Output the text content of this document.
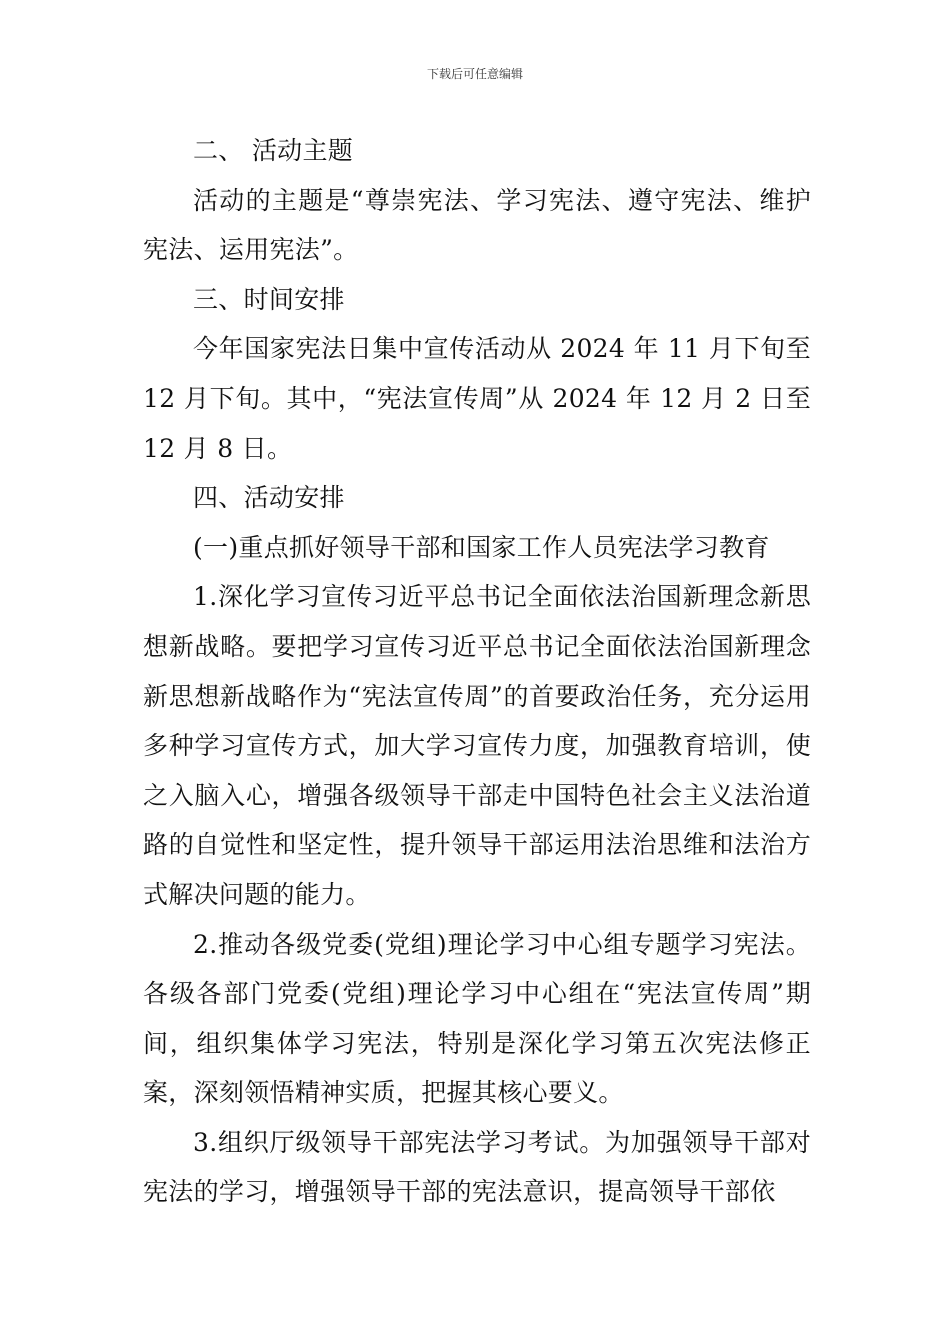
下载后可任意编辑

二、 活动主题

活动的主题是“尊崇宪法、学习宪法、遵守宪法、维护宪法、运用宪法”。

三、时间安排

今年国家宪法日集中宣传活动从 2024 年 11 月下旬至 12 月下旬。其中，“宪法宣传周”从 2024 年 12 月 2 日至 12 月 8 日。

四、活动安排

(一)重点抓好领导干部和国家工作人员宪法学习教育

1.深化学习宣传习近平总书记全面依法治国新理念新思想新战略。要把学习宣传习近平总书记全面依法治国新理念新思想新战略作为“宪法宣传周”的首要政治任务，充分运用多种学习宣传方式，加大学习宣传力度，加强教育培训，使之入脑入心，增强各级领导干部走中国特色社会主义法治道路的自觉性和坚定性，提升领导干部运用法治思维和法治方式解决问题的能力。

2.推动各级党委(党组)理论学习中心组专题学习宪法。各级各部门党委(党组)理论学习中心组在“宪法宣传周”期间，组织集体学习宪法，特别是深化学习第五次宪法修正案，深刻领悟精神实质，把握其核心要义。

3.组织厅级领导干部宪法学习考试。为加强领导干部对宪法的学习，增强领导干部的宪法意识，提高领导干部依
